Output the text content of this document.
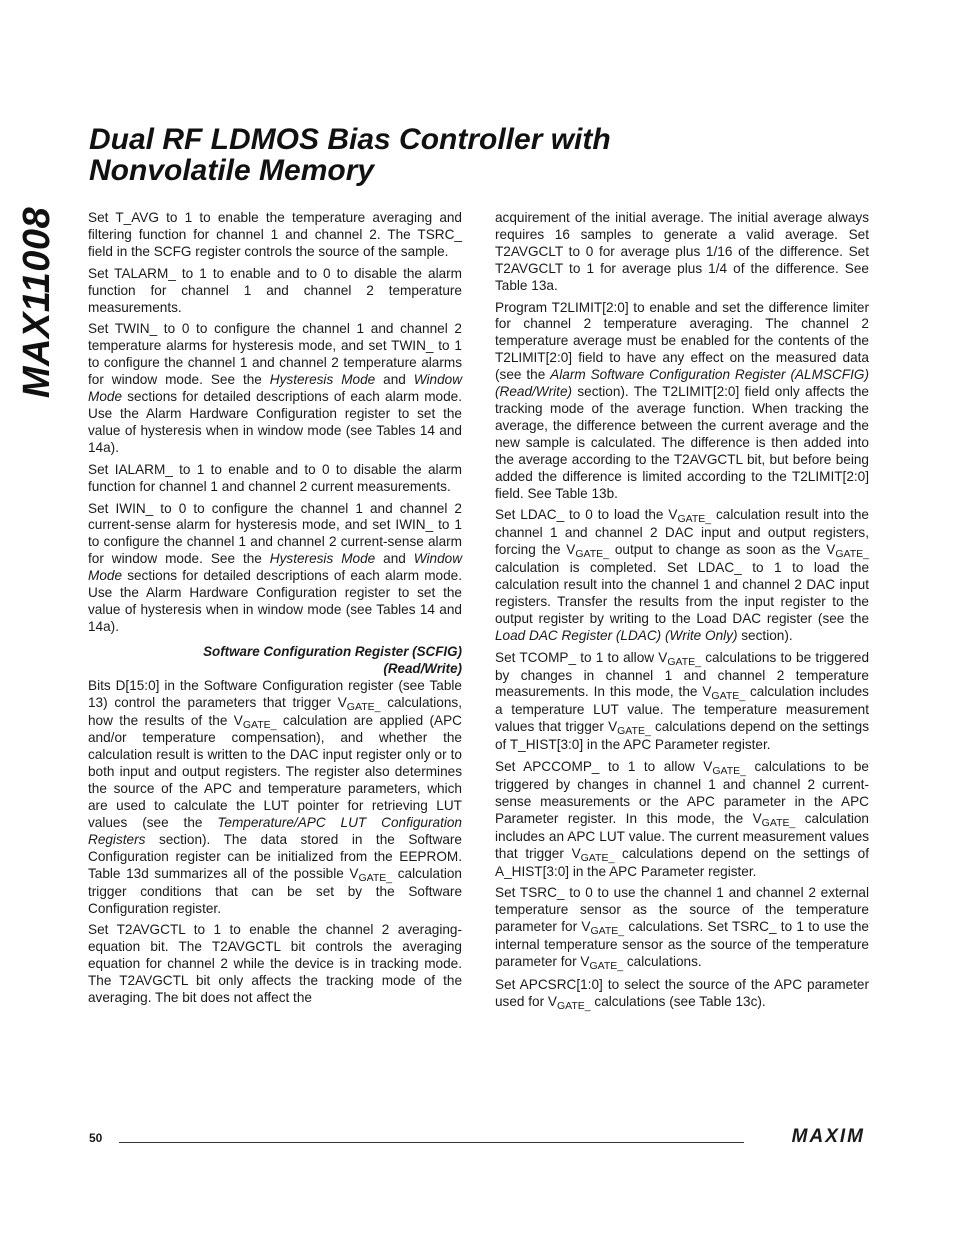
MAX11008
Dual RF LDMOS Bias Controller with
Nonvolatile Memory

Set T_AVG to 1 to enable the temperature averaging and filtering function for channel 1 and channel 2. The TSRC_ field in the SCFG register controls the source of the sample.

Set TALARM_ to 1 to enable and to 0 to disable the alarm function for channel 1 and channel 2 temperature measurements.

Set TWIN_ to 0 to configure the channel 1 and channel 2 temperature alarms for hysteresis mode, and set TWIN_ to 1 to configure the channel 1 and channel 2 temperature alarms for window mode. See the Hysteresis Mode and Window Mode sections for detailed descriptions of each alarm mode. Use the Alarm Hardware Configuration register to set the value of hysteresis when in window mode (see Tables 14 and 14a).

Set IALARM_ to 1 to enable and to 0 to disable the alarm function for channel 1 and channel 2 current measurements.

Set IWIN_ to 0 to configure the channel 1 and channel 2 current-sense alarm for hysteresis mode, and set IWIN_ to 1 to configure the channel 1 and channel 2 current-sense alarm for window mode. See the Hysteresis Mode and Window Mode sections for detailed descriptions of each alarm mode. Use the Alarm Hardware Configuration register to set the value of hysteresis when in window mode (see Tables 14 and 14a).

Software Configuration Register (SCFIG)
(Read/Write)

Bits D[15:0] in the Software Configuration register (see Table 13) control the parameters that trigger $V_{GATE\_}$ calculations, how the results of the $V_{GATE\_}$ calculation are applied (APC and/or temperature compensation), and whether the calculation result is written to the DAC input register only or to both input and output registers. The register also determines the source of the APC and temperature parameters, which are used to calculate the LUT pointer for retrieving LUT values (see the Temperature/APC LUT Configuration Registers section). The data stored in the Software Configuration register can be initialized from the EEPROM. Table 13d summarizes all of the possible $V_{GATE\_}$ calculation trigger conditions that can be set by the Software Configuration register.

Set T2AVGCTL to 1 to enable the channel 2 averaging-equation bit. The T2AVGCTL bit controls the averaging equation for channel 2 while the device is in tracking mode. The T2AVGCTL bit only affects the tracking mode of the averaging. The bit does not affect the

acquirement of the initial average. The initial average always requires 16 samples to generate a valid average. Set T2AVGCLT to 0 for average plus 1/16 of the difference. Set T2AVGCLT to 1 for average plus 1/4 of the difference. See Table 13a.

Program T2LIMIT[2:0] to enable and set the difference limiter for channel 2 temperature averaging. The channel 2 temperature average must be enabled for the contents of the T2LIMIT[2:0] field to have any effect on the measured data (see the Alarm Software Configuration Register (ALMSCFIG) (Read/Write) section). The T2LIMIT[2:0] field only affects the tracking mode of the average function. When tracking the average, the difference between the current average and the new sample is calculated. The difference is then added into the average according to the T2AVGCTL bit, but before being added the difference is limited according to the T2LIMIT[2:0] field. See Table 13b.

Set LDAC_ to 0 to load the $V_{GATE\_}$ calculation result into the channel 1 and channel 2 DAC input and output registers, forcing the $V_{GATE\_}$ output to change as soon as the $V_{GATE\_}$ calculation is completed. Set LDAC_ to 1 to load the calculation result into the channel 1 and channel 2 DAC input registers. Transfer the results from the input register to the output register by writing to the Load DAC register (see the Load DAC Register (LDAC) (Write Only) section).

Set TCOMP_ to 1 to allow $V_{GATE\_}$ calculations to be triggered by changes in channel 1 and channel 2 temperature measurements. In this mode, the $V_{GATE\_}$ calculation includes a temperature LUT value. The temperature measurement values that trigger $V_{GATE\_}$ calculations depend on the settings of T_HIST[3:0] in the APC Parameter register.

Set APCCOMP_ to 1 to allow $V_{GATE\_}$ calculations to be triggered by changes in channel 1 and channel 2 current-sense measurements or the APC parameter in the APC Parameter register. In this mode, the $V_{GATE\_}$ calculation includes an APC LUT value. The current measurement values that trigger $V_{GATE\_}$ calculations depend on the settings of A_HIST[3:0] in the APC Parameter register.

Set TSRC_ to 0 to use the channel 1 and channel 2 external temperature sensor as the source of the temperature parameter for $V_{GATE\_}$ calculations. Set TSRC_ to 1 to use the internal temperature sensor as the source of the temperature parameter for $V_{GATE\_}$ calculations.

Set APCSRC[1:0] to select the source of the APC parameter used for $V_{GATE\_}$ calculations (see Table 13c).

50	MAXIM
